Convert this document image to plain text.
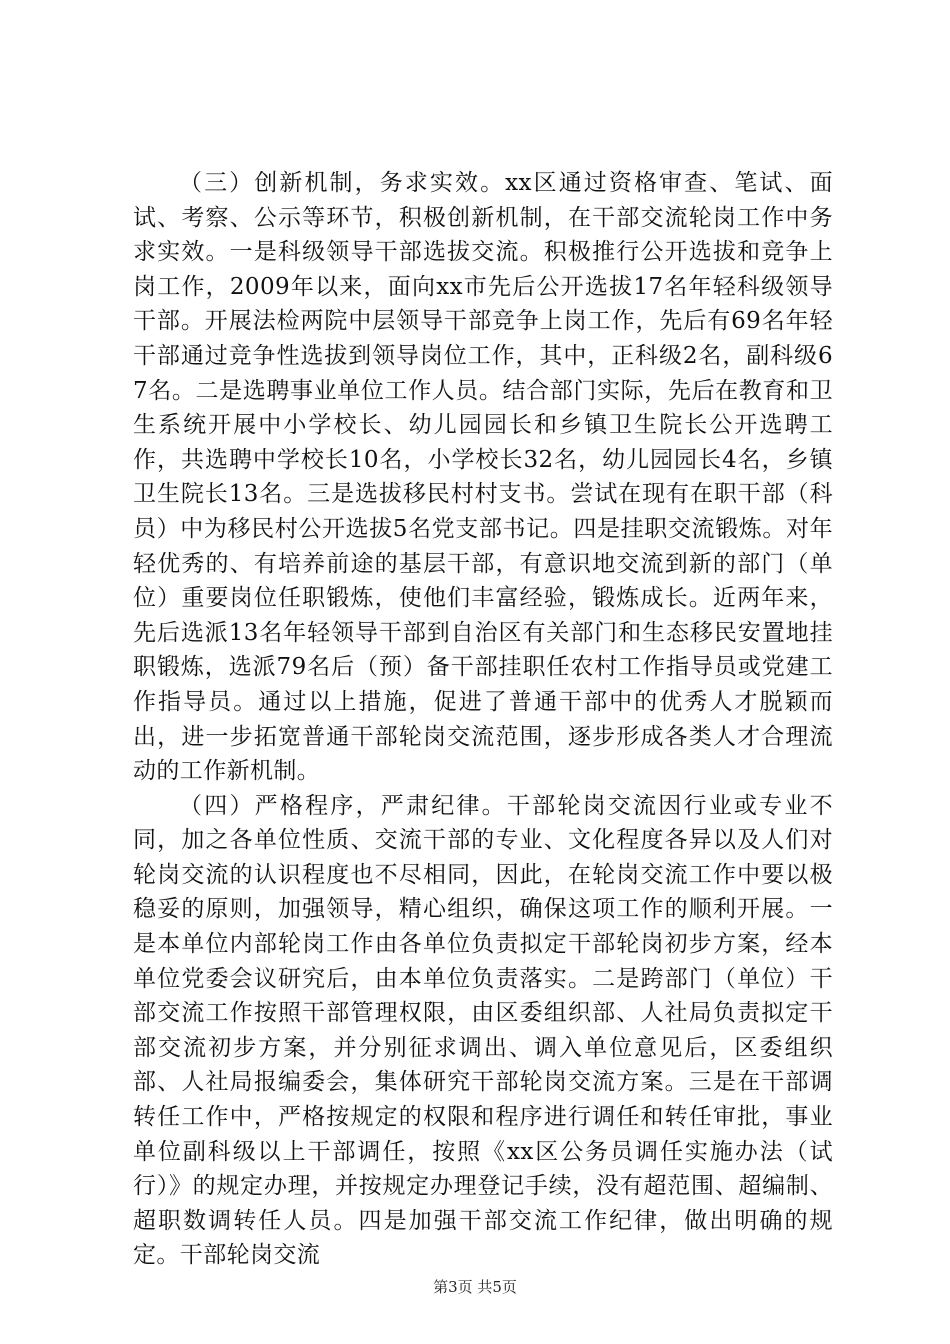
（三）创新机制，务求实效。xx区通过资格审查、笔试、面试、考察、公示等环节，积极创新机制，在干部交流轮岗工作中务求实效。一是科级领导干部选拔交流。积极推行公开选拔和竞争上岗工作，2009年以来，面向xx市先后公开选拔17名年轻科级领导干部。开展法检两院中层领导干部竞争上岗工作，先后有69名年轻干部通过竞争性选拔到领导岗位工作，其中，正科级2名，副科级67名。二是选聘事业单位工作人员。结合部门实际，先后在教育和卫生系统开展中小学校长、幼儿园园长和乡镇卫生院长公开选聘工作，共选聘中学校长10名，小学校长32名，幼儿园园长4名，乡镇卫生院长13名。三是选拔移民村村支书。尝试在现有在职干部（科员）中为移民村公开选拔5名党支部书记。四是挂职交流锻炼。对年轻优秀的、有培养前途的基层干部，有意识地交流到新的部门（单位）重要岗位任职锻炼，使他们丰富经验，锻炼成长。近两年来，先后选派13名年轻领导干部到自治区有关部门和生态移民安置地挂职锻炼，选派79名后（预）备干部挂职任农村工作指导员或党建工作指导员。通过以上措施，促进了普通干部中的优秀人才脱颖而出，进一步拓宽普通干部轮岗交流范围，逐步形成各类人才合理流动的工作新机制。

（四）严格程序，严肃纪律。干部轮岗交流因行业或专业不同，加之各单位性质、交流干部的专业、文化程度各异以及人们对轮岗交流的认识程度也不尽相同，因此，在轮岗交流工作中要以极稳妥的原则，加强领导，精心组织，确保这项工作的顺利开展。一是本单位内部轮岗工作由各单位负责拟定干部轮岗初步方案，经本单位党委会议研究后，由本单位负责落实。二是跨部门（单位）干部交流工作按照干部管理权限，由区委组织部、人社局负责拟定干部交流初步方案，并分别征求调出、调入单位意见后，区委组织部、人社局报编委会，集体研究干部轮岗交流方案。三是在干部调转任工作中，严格按规定的权限和程序进行调任和转任审批，事业单位副科级以上干部调任，按照《xx区公务员调任实施办法（试行）》的规定办理，并按规定办理登记手续，没有超范围、超编制、超职数调转任人员。四是加强干部交流工作纪律，做出明确的规定。干部轮岗交流

第3页 共5页
